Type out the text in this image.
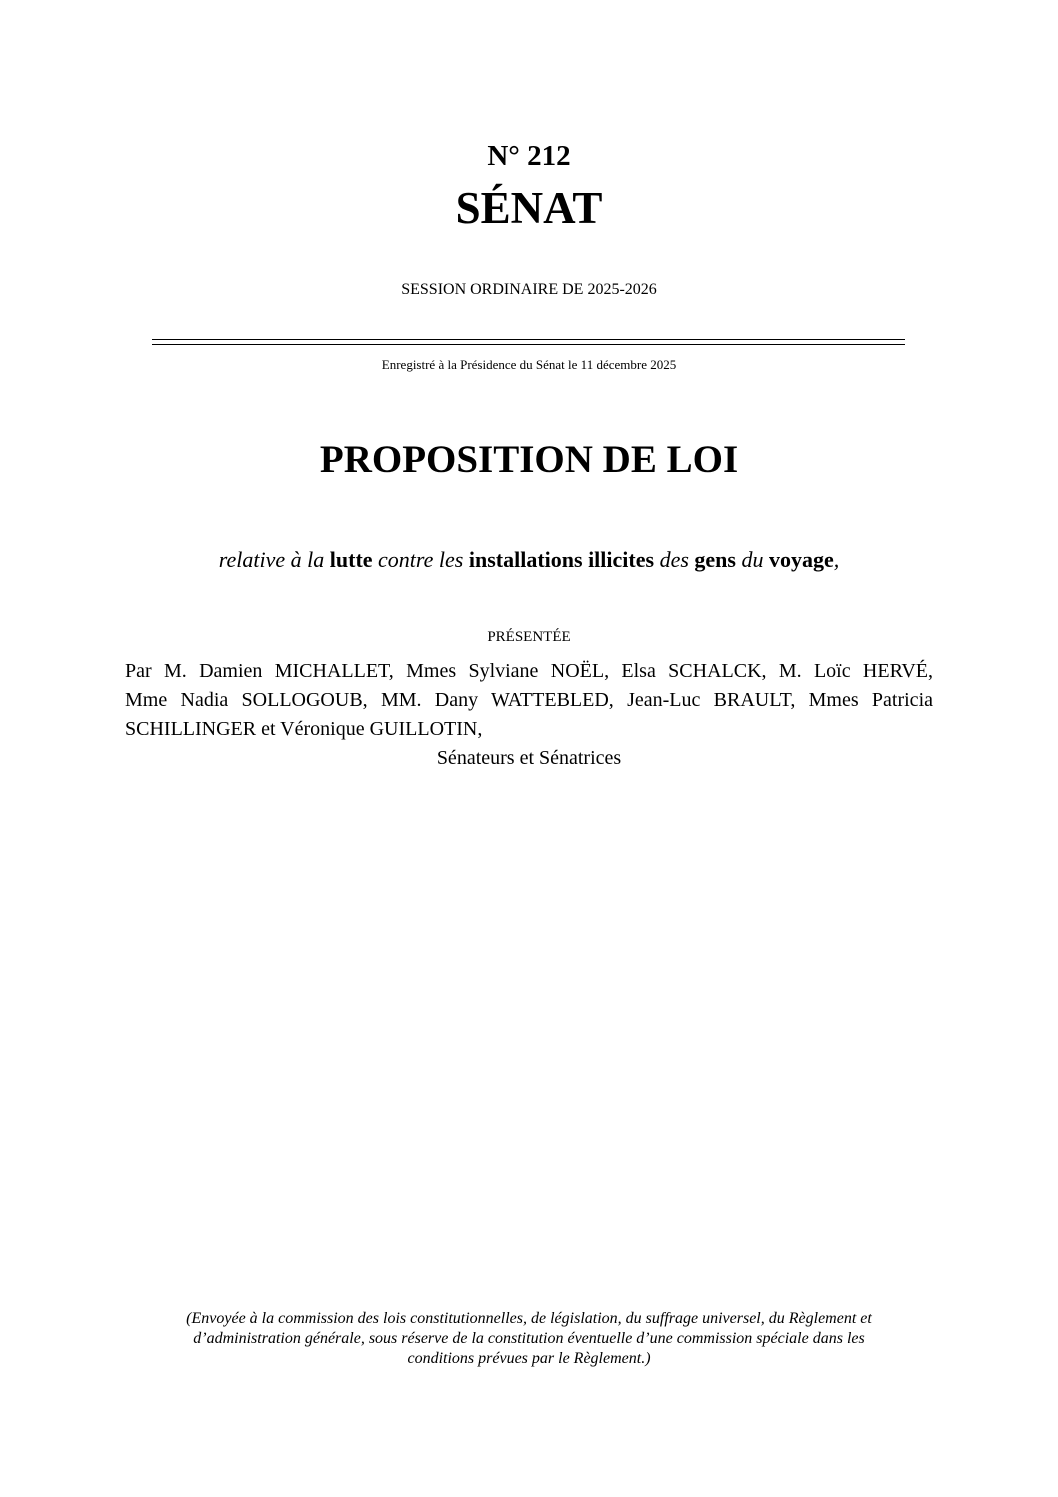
N° 212
SÉNAT
SESSION ORDINAIRE DE 2025-2026
Enregistré à la Présidence du Sénat le 11 décembre 2025
PROPOSITION DE LOI
relative à la lutte contre les installations illicites des gens du voyage,
PRÉSENTÉE
Par M. Damien MICHALLET, Mmes Sylviane NOËL, Elsa SCHALCK, M. Loïc HERVÉ,
Mme Nadia SOLLOGOUB, MM. Dany WATTEBLED, Jean-Luc BRAULT, Mmes Patricia
SCHILLINGER et Véronique GUILLOTIN,
Sénateurs et Sénatrices
(Envoyée à la commission des lois constitutionnelles, de législation, du suffrage universel, du Règlement et
d’administration générale, sous réserve de la constitution éventuelle d’une commission spéciale dans les
conditions prévues par le Règlement.)
